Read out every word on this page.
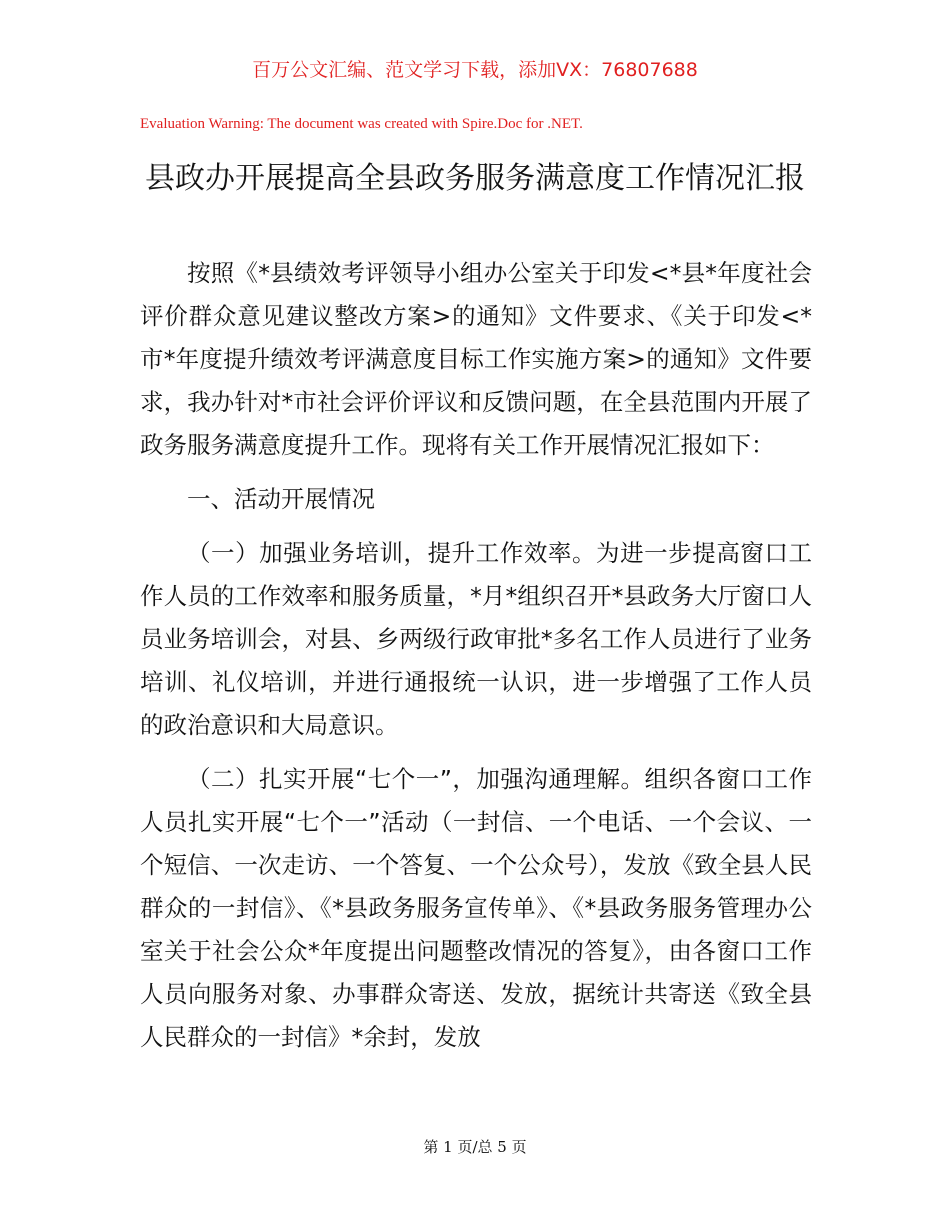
百万公文汇编、范文学习下载，添加VX：76807688
Evaluation Warning: The document was created with Spire.Doc for .NET.
县政办开展提高全县政务服务满意度工作情况汇报

按照《*县绩效考评领导小组办公室关于印发<*县*年度社会评价群众意见建议整改方案>的通知》文件要求、《关于印发<*市*年度提升绩效考评满意度目标工作实施方案>的通知》文件要求，我办针对*市社会评价评议和反馈问题，在全县范围内开展了政务服务满意度提升工作。现将有关工作开展情况汇报如下：

一、活动开展情况

（一）加强业务培训，提升工作效率。为进一步提高窗口工作人员的工作效率和服务质量，*月*组织召开*县政务大厅窗口人员业务培训会，对县、乡两级行政审批*多名工作人员进行了业务培训、礼仪培训，并进行通报统一认识，进一步增强了工作人员的政治意识和大局意识。

（二）扎实开展“七个一”，加强沟通理解。组织各窗口工作人员扎实开展“七个一”活动（一封信、一个电话、一个会议、一个短信、一次走访、一个答复、一个公众号），发放《致全县人民群众的一封信》、《*县政务服务宣传单》、《*县政务服务管理办公室关于社会公众*年度提出问题整改情况的答复》，由各窗口工作人员向服务对象、办事群众寄送、发放，据统计共寄送《致全县人民群众的一封信》*余封，发放

第 1 页/总 5 页
